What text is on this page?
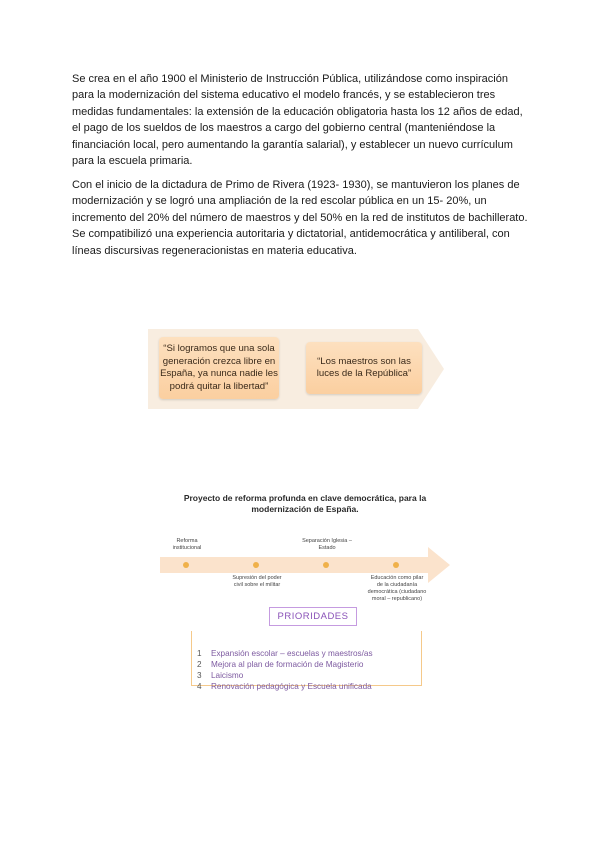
Se crea en el año 1900 el Ministerio de Instrucción Pública, utilizándose como inspiración para la modernización del sistema educativo el modelo francés, y se establecieron tres medidas fundamentales: la extensión de la educación obligatoria hasta los 12 años de edad, el pago de los sueldos de los maestros a cargo del gobierno central (manteniéndose la financiación local, pero aumentando la garantía salarial), y establecer un nuevo currículum para la escuela primaria.

Con el inicio de la dictadura de Primo de Rivera (1923- 1930), se mantuvieron los planes de modernización y se logró una ampliación de la red escolar pública en un 15- 20%, un incremento del 20% del número de maestros y del 50% en la red de institutos de bachillerato. Se compatibilizó una experiencia autoritaria y dictatorial, antidemocrática y antiliberal, con líneas discursivas regeneracionistas en materia educativa.

“Si logramos que una sola generación crezca libre en España, ya nunca nadie les podrá quitar la libertad”
“Los maestros son las luces de la República”
Proyecto de reforma profunda en clave democrática, para la modernización de España.
Reforma institucional
Supresión del poder civil sobre el militar
Separación Iglesia – Estado
Educación como pilar de la ciudadanía democrática (ciudadano moral – republicano)
PRIORIDADES
1 Expansión escolar – escuelas y maestros/as
2 Mejora al plan de formación de Magisterio
3 Laicismo
4 Renovación pedagógica y Escuela unificada
